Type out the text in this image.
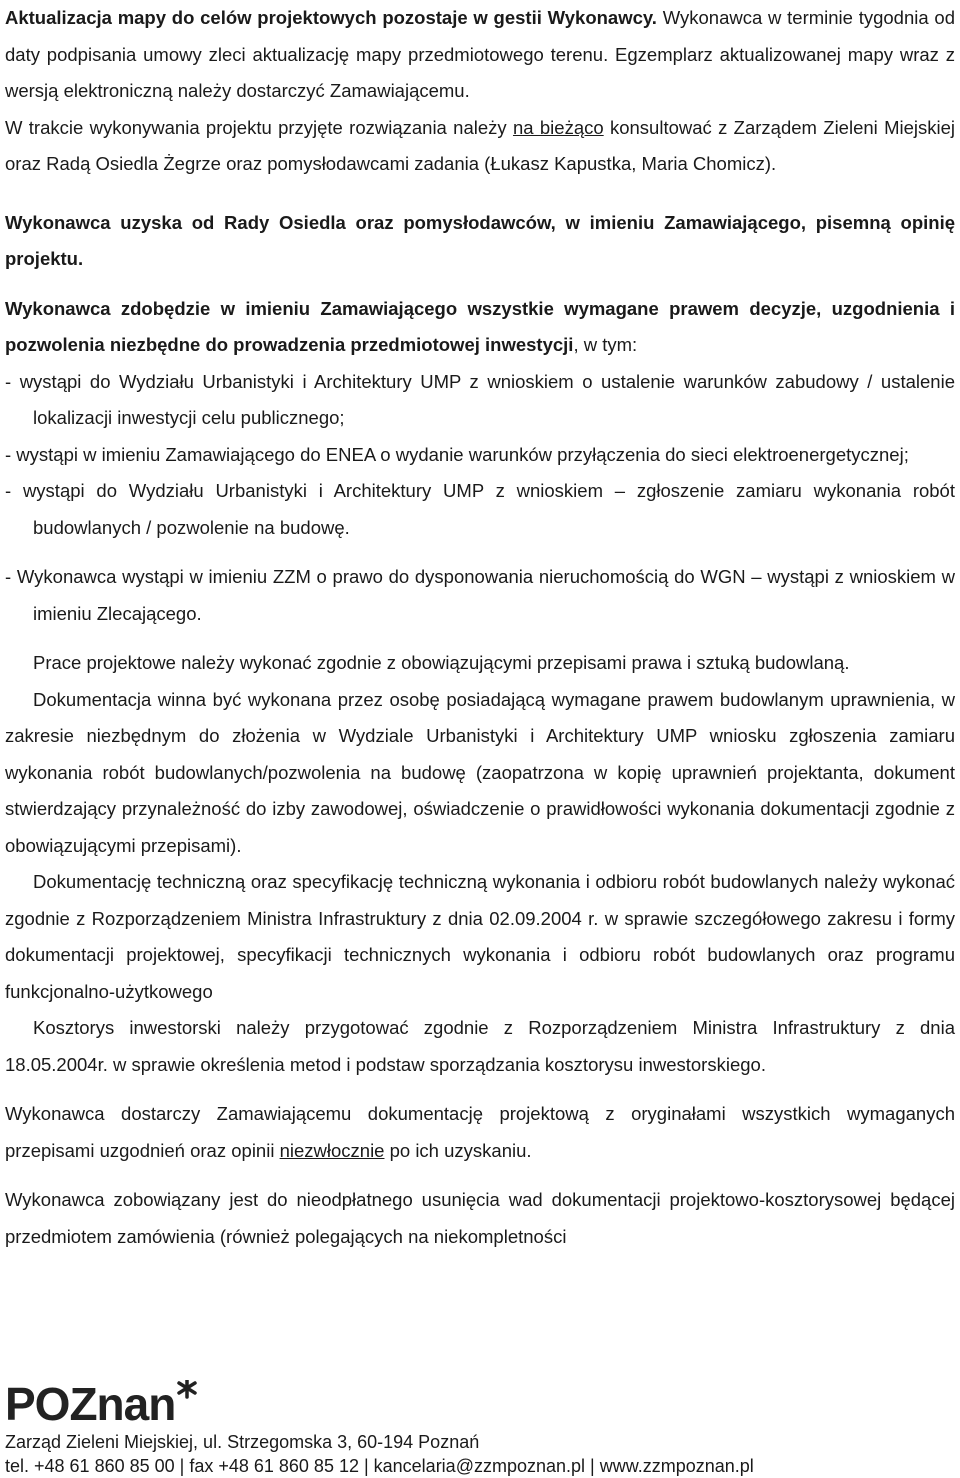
Aktualizacja mapy do celów projektowych pozostaje w gestii Wykonawcy. Wykonawca w terminie tygodnia od daty podpisania umowy zleci aktualizację mapy przedmiotowego terenu. Egzemplarz aktualizowanej mapy wraz z wersją elektroniczną należy dostarczyć Zamawiającemu.

W trakcie wykonywania projektu przyjęte rozwiązania należy na bieżąco konsultować z Zarządem Zieleni Miejskiej oraz Radą Osiedla Żegrze oraz pomysłodawcami zadania (Łukasz Kapustka, Maria Chomicz).

Wykonawca uzyska od Rady Osiedla oraz pomysłodawców, w imieniu Zamawiającego, pisemną opinię projektu.

Wykonawca zdobędzie w imieniu Zamawiającego wszystkie wymagane prawem decyzje, uzgodnienia i pozwolenia niezbędne do prowadzenia przedmiotowej inwestycji, w tym:

- wystąpi do Wydziału Urbanistyki i Architektury UMP z wnioskiem o ustalenie warunków zabudowy / ustalenie lokalizacji inwestycji celu publicznego;

- wystąpi w imieniu Zamawiającego do ENEA o wydanie warunków przyłączenia do sieci elektroenergetycznej;

- wystąpi do Wydziału Urbanistyki i Architektury UMP z wnioskiem – zgłoszenie zamiaru wykonania robót budowlanych / pozwolenie na budowę.

- Wykonawca wystąpi w imieniu ZZM o prawo do dysponowania nieruchomością do WGN – wystąpi z wnioskiem w imieniu Zlecającego.

Prace projektowe należy wykonać zgodnie z obowiązującymi przepisami prawa i sztuką budowlaną.

Dokumentacja winna być wykonana przez osobę posiadającą wymagane prawem budowlanym uprawnienia, w zakresie niezbędnym do złożenia w Wydziale Urbanistyki i Architektury UMP wniosku zgłoszenia zamiaru wykonania robót budowlanych/pozwolenia na budowę (zaopatrzona w kopię uprawnień projektanta, dokument stwierdzający przynależność do izby zawodowej, oświadczenie o prawidłowości wykonania dokumentacji zgodnie z obowiązującymi przepisami).

Dokumentację techniczną oraz specyfikację techniczną wykonania i odbioru robót budowlanych należy wykonać zgodnie z Rozporządzeniem Ministra Infrastruktury z dnia 02.09.2004 r. w sprawie szczegółowego zakresu i formy dokumentacji projektowej, specyfikacji technicznych wykonania i odbioru robót budowlanych oraz programu funkcjonalno-użytkowego

Kosztorys inwestorski należy przygotować zgodnie z Rozporządzeniem Ministra Infrastruktury z dnia 18.05.2004r. w sprawie określenia metod i podstaw sporządzania kosztorysu inwestorskiego.

Wykonawca dostarczy Zamawiającemu dokumentację projektową z oryginałami wszystkich wymaganych przepisami uzgodnień oraz opinii niezwłocznie po ich uzyskaniu.

Wykonawca zobowiązany jest do nieodpłatnego usunięcia wad dokumentacji projektowo-kosztorysowej będącej przedmiotem zamówienia (również polegających na niekompletności

POZnan
Zarząd Zieleni Miejskiej, ul. Strzegomska 3, 60-194 Poznań
tel. +48 61 860 85 00 | fax +48 61 860 85 12 | kancelaria@zzmpoznan.pl | www.zzmpoznan.pl
